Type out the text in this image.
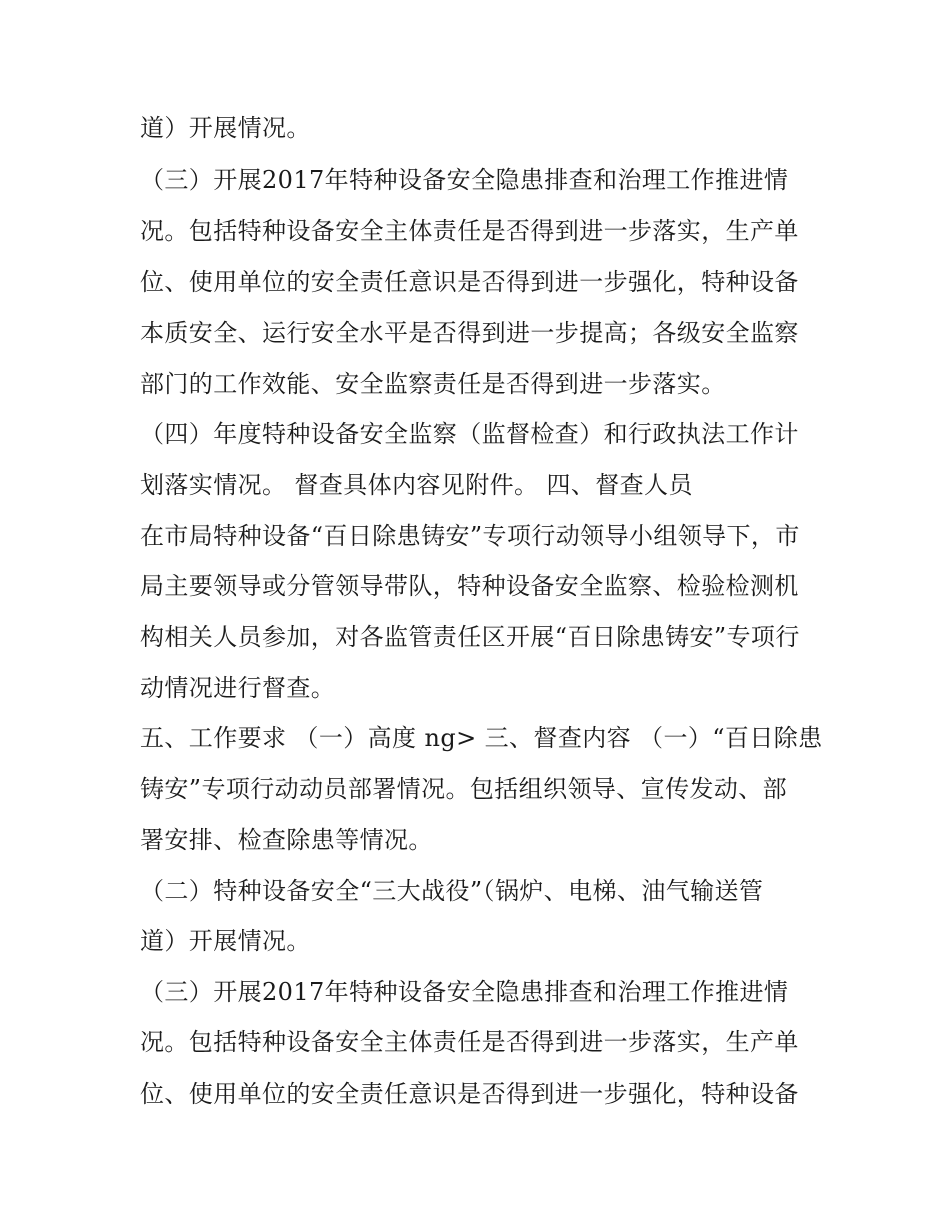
道）开展情况。

（三）开展2017年特种设备安全隐患排查和治理工作推进情

况。包括特种设备安全主体责任是否得到进一步落实，生产单

位、使用单位的安全责任意识是否得到进一步强化，特种设备

本质安全、运行安全水平是否得到进一步提高；各级安全监察

部门的工作效能、安全监察责任是否得到进一步落实。

（四）年度特种设备安全监察（监督检查）和行政执法工作计

划落实情况。 督查具体内容见附件。 四、督查人员

在市局特种设备“百日除患铸安”专项行动领导小组领导下，市

局主要领导或分管领导带队，特种设备安全监察、检验检测机

构相关人员参加，对各监管责任区开展“百日除患铸安”专项行

动情况进行督查。

五、工作要求 （一）高度 ng> 三、督查内容 （一）“百日除患

铸安”专项行动动员部署情况。包括组织领导、宣传发动、部

署安排、检查除患等情况。

（二）特种设备安全“三大战役”（锅炉、电梯、油气输送管

道）开展情况。

（三）开展2017年特种设备安全隐患排查和治理工作推进情

况。包括特种设备安全主体责任是否得到进一步落实，生产单

位、使用单位的安全责任意识是否得到进一步强化，特种设备
